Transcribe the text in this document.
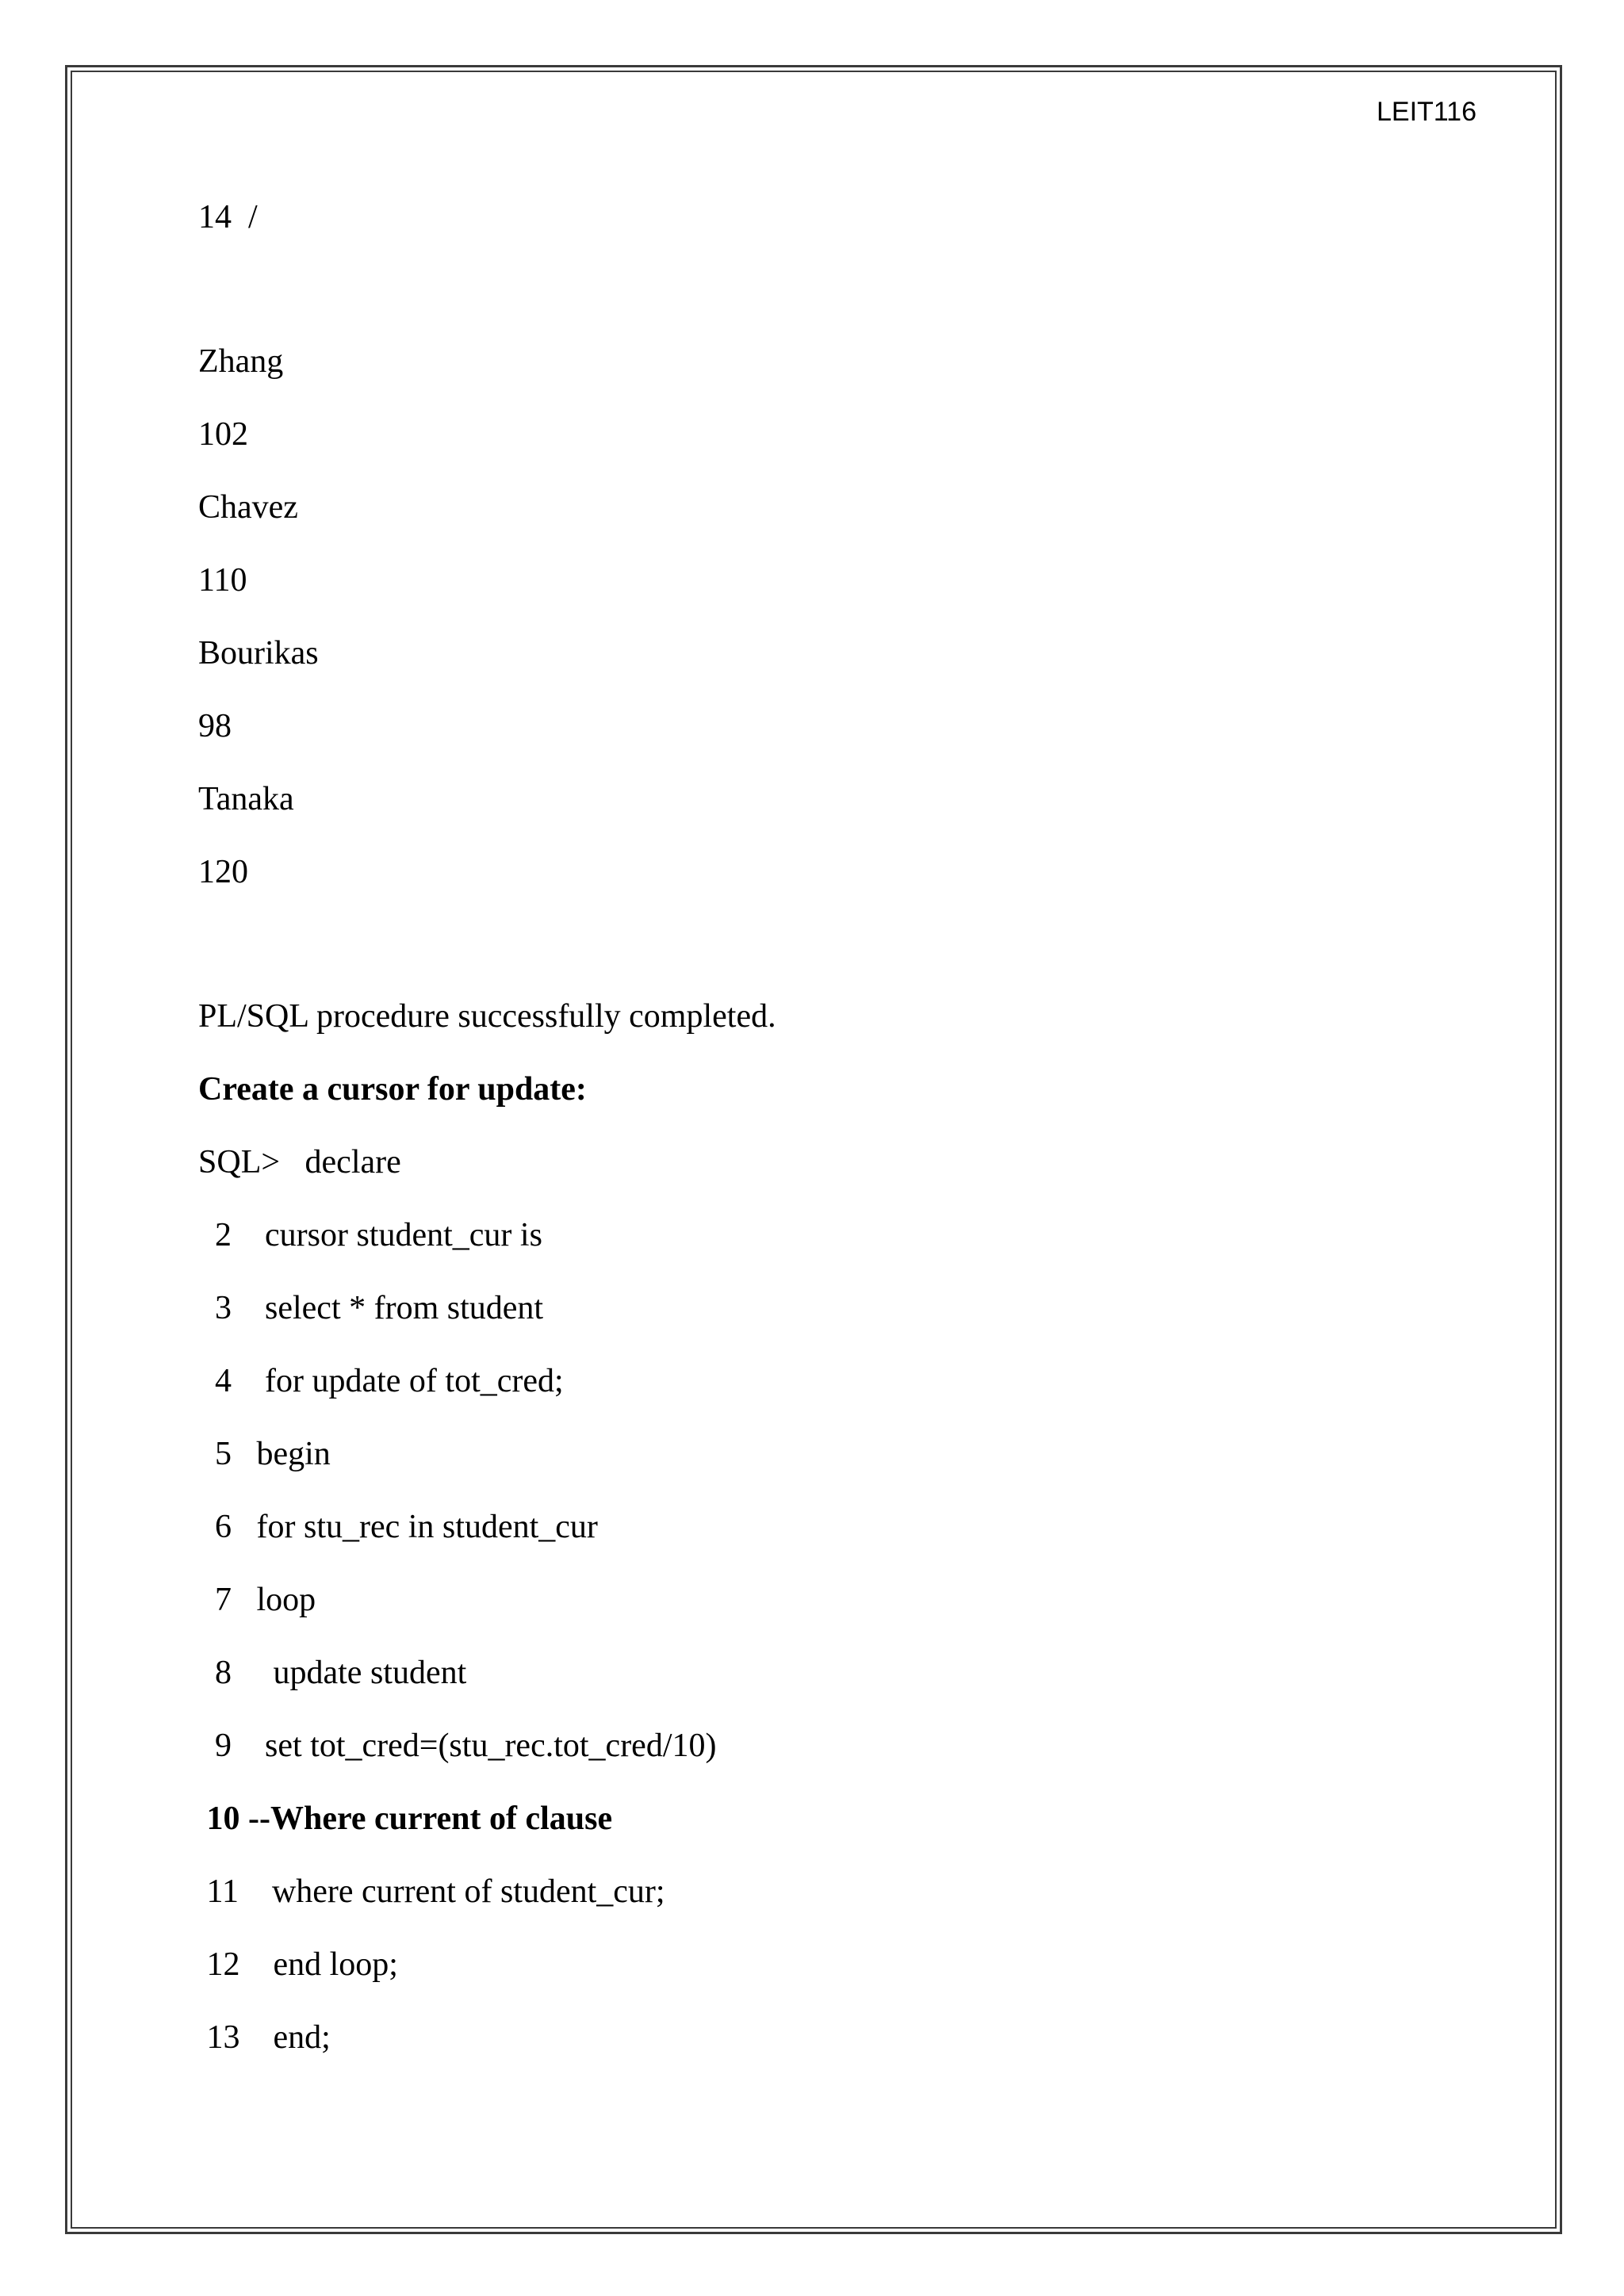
LEIT116
14  /
Zhang
102
Chavez
110
Bourikas
98
Tanaka
120
PL/SQL procedure successfully completed.
Create a cursor for update:
SQL>   declare
2    cursor student_cur is
3    select * from student
4    for update of tot_cred;
5   begin
6   for stu_rec in student_cur
7   loop
8     update student
9    set tot_cred=(stu_rec.tot_cred/10)
10 --Where current of clause
11    where current of student_cur;
12    end loop;
13    end;
